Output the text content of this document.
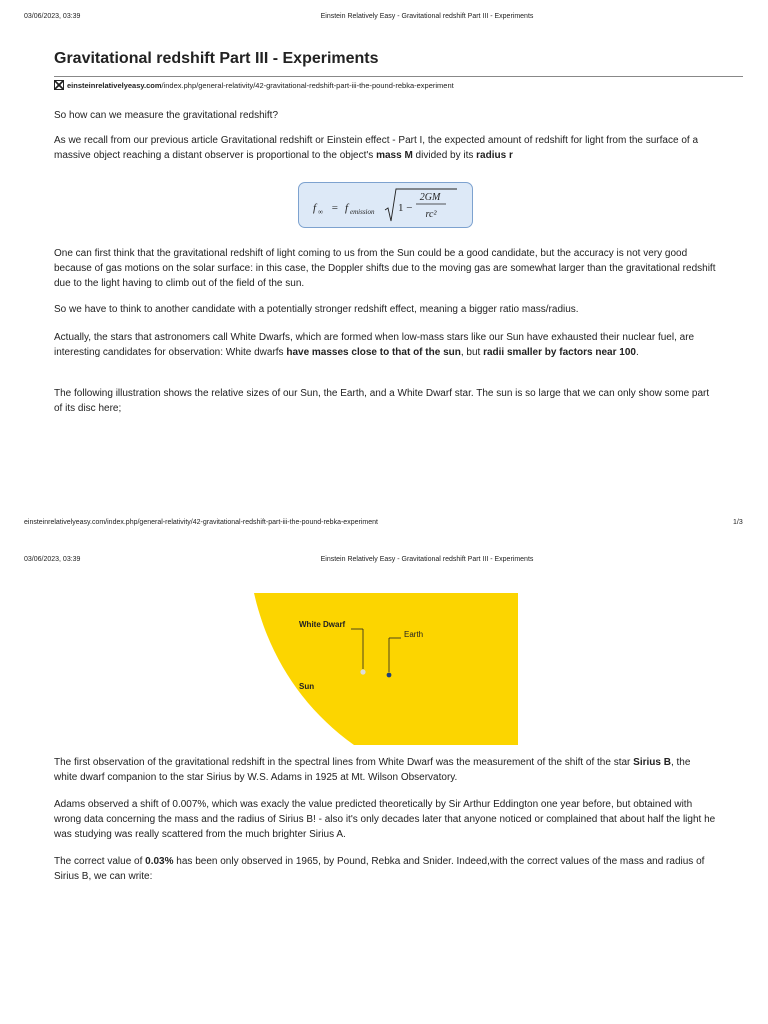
03/06/2023, 03:39	Einstein Relatively Easy - Gravitational redshift Part III - Experiments
Gravitational redshift Part III - Experiments
einsteinrelativelyeasy.com/index.php/general-relativity/42-gravitational-redshift-part-iii-the-pound-rebka-experiment

So how can we measure the gravitational redshift?

As we recall from our previous article Gravitational redshift or Einstein effect - Part I, the expected amount of redshift for light from the surface of a massive object reaching a distant observer is proportional to the object's mass M divided by its radius r

f ∞ = f emission 1 −
2GM
rc²

One can first think that the gravitational redshift of light coming to us from the Sun could be a good candidate, but the accuracy is not very good because of gas motions on the solar surface: in this case, the Doppler shifts due to the moving gas are somewhat larger than the gravitational redshift due to the light having to climb out of the field of the sun.

So we have to think to another candidate with a potentially stronger redshift effect, meaning a bigger ratio mass/radius.

Actually, the stars that astronomers call White Dwarfs, which are formed when low-mass stars like our Sun have exhausted their nuclear fuel, are interesting candidates for observation: White dwarfs have masses close to that of the sun, but radii smaller by factors near 100.

The following illustration shows the relative sizes of our Sun, the Earth, and a White Dwarf star. The sun is so large that we can only show some part of its disc here;

einsteinrelativelyeasy.com/index.php/general-relativity/42-gravitational-redshift-part-iii-the-pound-rebka-experiment	1/3
03/06/2023, 03:39	Einstein Relatively Easy - Gravitational redshift Part III - Experiments
White Dwarf
Earth
Sun

The first observation of the gravitational redshift in the spectral lines from White Dwarf was the measurement of the shift of the star Sirius B, the white dwarf companion to the star Sirius by W.S. Adams in 1925 at Mt. Wilson Observatory.

Adams observed a shift of 0.007%, which was exacly the value predicted theoretically by Sir Arthur Eddington one year before, but obtained with wrong data concerning the mass and the radius of Sirius B! - also it's only decades later that anyone noticed or complained that about half the light he was studying was really scattered from the much brighter Sirius A.

The correct value of 0.03% has been only observed in 1965, by Pound, Rebka and Snider. Indeed,with the correct values of the mass and radius of Sirius B, we can write:
